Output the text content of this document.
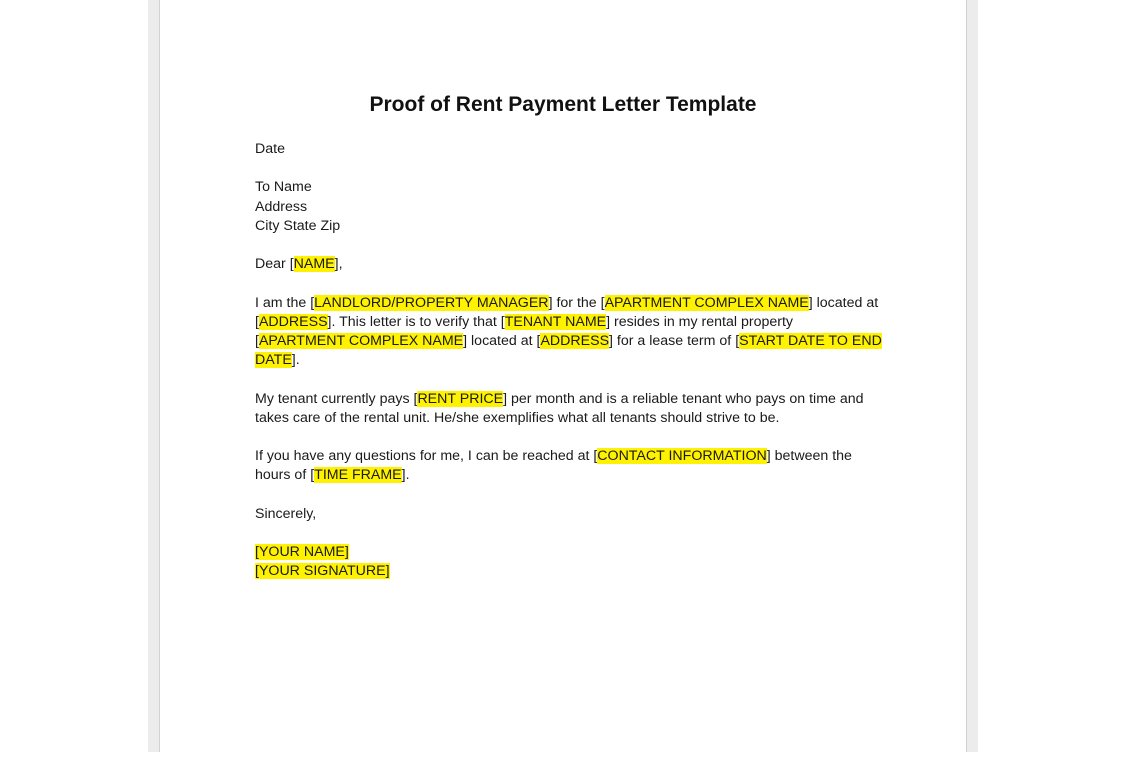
Proof of Rent Payment Letter Template

Date

To Name

Address

City State Zip

Dear [NAME],

I am the [LANDLORD/PROPERTY MANAGER] for the [APARTMENT COMPLEX NAME] located at [ADDRESS]. This letter is to verify that [TENANT NAME] resides in my rental property [APARTMENT COMPLEX NAME] located at [ADDRESS] for a lease term of [START DATE TO END DATE].

My tenant currently pays [RENT PRICE] per month and is a reliable tenant who pays on time and takes care of the rental unit. He/she exemplifies what all tenants should strive to be.

If you have any questions for me, I can be reached at [CONTACT INFORMATION] between the hours of [TIME FRAME].

Sincerely,

[YOUR NAME]

[YOUR SIGNATURE]
